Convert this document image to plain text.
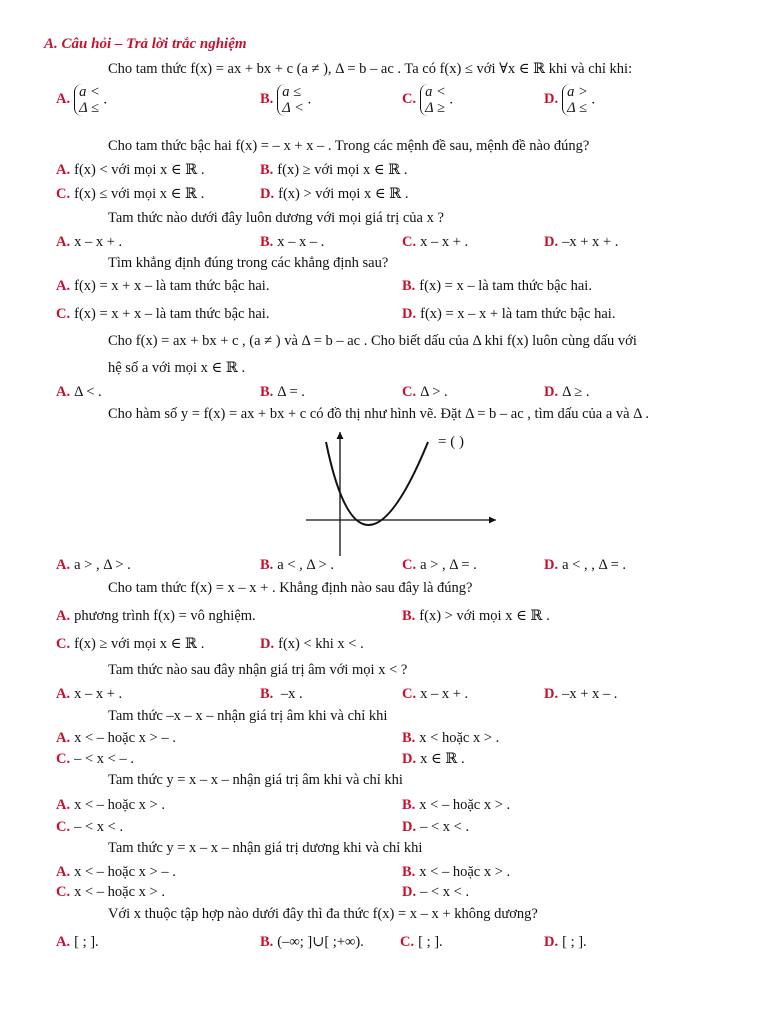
A. Câu hỏi – Trả lời trắc nghiệm
Cho tam thức f(x) = ax + bx + c (a ≠ ), Δ = b – ac . Ta có f(x) ≤ với ∀x ∈ ℝ khi và chỉ khi:
A. a <
Δ ≤ .	B. a ≤
Δ < .	C. a <
Δ ≥ .	D. a >
Δ ≤ .
Cho tam thức bậc hai f(x) = – x + x – . Trong các mệnh đề sau, mệnh đề nào đúng?
A. f(x) < với mọi x ∈ ℝ .	B. f(x) ≥ với mọi x ∈ ℝ .
C. f(x) ≤ với mọi x ∈ ℝ .	D. f(x) > với mọi x ∈ ℝ .
Tam thức nào dưới đây luôn dương với mọi giá trị của x ?
A. x – x + .	B. x – x – .	C. x – x + .	D. –x + x + .
Tìm khẳng định đúng trong các khẳng định sau?
A. f(x) = x + x – là tam thức bậc hai.	B. f(x) = x – là tam thức bậc hai.
C. f(x) = x + x – là tam thức bậc hai.	D. f(x) = x – x + là tam thức bậc hai.
Cho f(x) = ax + bx + c , (a ≠ ) và Δ = b – ac . Cho biết dấu của Δ khi f(x) luôn cùng dấu với
hệ số a với mọi x ∈ ℝ .
A. Δ < .	B. Δ = .	C. Δ > .	D. Δ ≥ .
Cho hàm số y = f(x) = ax + bx + c có đồ thị như hình vẽ. Đặt Δ = b – ac , tìm dấu của a và Δ .
= ( )
A. a > , Δ > .	B. a < , Δ > .	C. a > , Δ = .	D. a < , , Δ = .
Cho tam thức f(x) = x – x + . Khẳng định nào sau đây là đúng?
A. phương trình f(x) = vô nghiệm.	B. f(x) > với mọi x ∈ ℝ .
C. f(x) ≥ với mọi x ∈ ℝ .	D. f(x) < khi x < .
Tam thức nào sau đây nhận giá trị âm với mọi x < ?
A. x – x + .	B. –x .	C. x – x + .	D. –x + x – .
Tam thức –x – x – nhận giá trị âm khi và chỉ khi
A. x < – hoặc x > – .	B. x < hoặc x > .
C. – < x < – .	D. x ∈ ℝ .
Tam thức y = x – x – nhận giá trị âm khi và chỉ khi
A. x < – hoặc x > .	B. x < – hoặc x > .
C. – < x < .	D. – < x < .
Tam thức y = x – x – nhận giá trị dương khi và chỉ khi
A. x < – hoặc x > – .	B. x < – hoặc x > .
C. x < – hoặc x > .	D. – < x < .
Với x thuộc tập hợp nào dưới đây thì đa thức f(x) = x – x + không dương?
A. [ ; ].	B. (–∞; ]∪[ ;+∞). C. [ ; ].	D. [ ; ].
